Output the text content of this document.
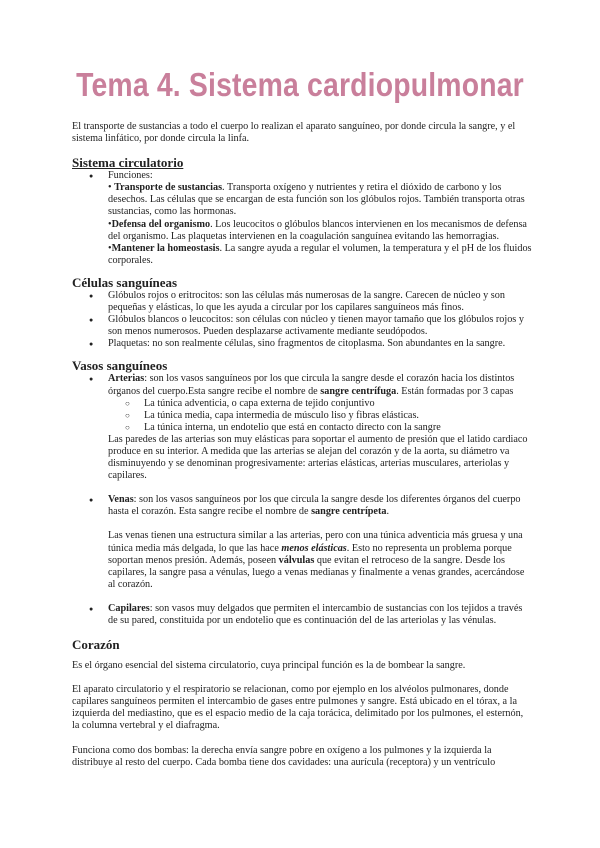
Tema 4. Sistema cardiopulmonar

El transporte de sustancias a todo el cuerpo lo realizan el aparato sanguíneo, por donde circula la sangre, y el sistema linfático, por donde circula la linfa.

Sistema circulatorio
● Funciones:

• Transporte de sustancias. Transporta oxígeno y nutrientes y retira el dióxido de carbono y los desechos. Las células que se encargan de esta función son los glóbulos rojos. También transporta otras sustancias, como las hormonas.

•Defensa del organismo. Los leucocitos o glóbulos blancos intervienen en los mecanismos de defensa del organismo. Las plaquetas intervienen en la coagulación sanguínea evitando las hemorragias.

•Mantener la homeostasis. La sangre ayuda a regular el volumen, la temperatura y el pH de los fluidos corporales.

Células sanguíneas
● Glóbulos rojos o eritrocitos: son las células más numerosas de la sangre. Carecen de núcleo y son pequeñas y elásticas, lo que les ayuda a circular por los capilares sanguíneos más finos.
● Glóbulos blancos o leucocitos: son células con núcleo y tienen mayor tamaño que los glóbulos rojos y son menos numerosos. Pueden desplazarse activamente mediante seudópodos.
● Plaquetas: no son realmente células, sino fragmentos de citoplasma. Son abundantes en la sangre.
Vasos sanguíneos

● Arterias: son los vasos sanguíneos por los que circula la sangre desde el corazón hacia los distintos órganos del cuerpo.Esta sangre recibe el nombre de sangre centrífuga. Están formadas por 3 capas

○ La túnica adventicia, o capa externa de tejido conjuntivo
○ La túnica media, capa intermedia de músculo liso y fibras elásticas.
○ La túnica interna, un endotelio que está en contacto directo con la sangre

Las paredes de las arterias son muy elásticas para soportar el aumento de presión que el latido cardiaco produce en su interior. A medida que las arterias se alejan del corazón y de la aorta, su diámetro va disminuyendo y se denominan progresivamente: arterias elásticas, arterias musculares, arteriolas y capilares.

● Venas: son los vasos sanguíneos por los que circula la sangre desde los diferentes órganos del cuerpo hasta el corazón. Esta sangre recibe el nombre de sangre centrípeta.

Las venas tienen una estructura similar a las arterias, pero con una túnica adventicia más gruesa y una túnica media más delgada, lo que las hace menos elásticas. Esto no representa un problema porque soportan menos presión. Además, poseen válvulas que evitan el retroceso de la sangre. Desde los capilares, la sangre pasa a vénulas, luego a venas medianas y finalmente a venas grandes, acercándose al corazón.

● Capilares: son vasos muy delgados que permiten el intercambio de sustancias con los tejidos a través de su pared, constituida por un endotelio que es continuación del de las arteriolas y las vénulas.

Corazón

Es el órgano esencial del sistema circulatorio, cuya principal función es la de bombear la sangre.

El aparato circulatorio y el respiratorio se relacionan, como por ejemplo en los alvéolos pulmonares, donde capilares sanguíneos permiten el intercambio de gases entre pulmones y sangre. Está ubicado en el tórax, a la izquierda del mediastino, que es el espacio medio de la caja torácica, delimitado por los pulmones, el esternón, la columna vertebral y el diafragma.

Funciona como dos bombas: la derecha envía sangre pobre en oxígeno a los pulmones y la izquierda la distribuye al resto del cuerpo. Cada bomba tiene dos cavidades: una aurícula (receptora) y un ventrículo
